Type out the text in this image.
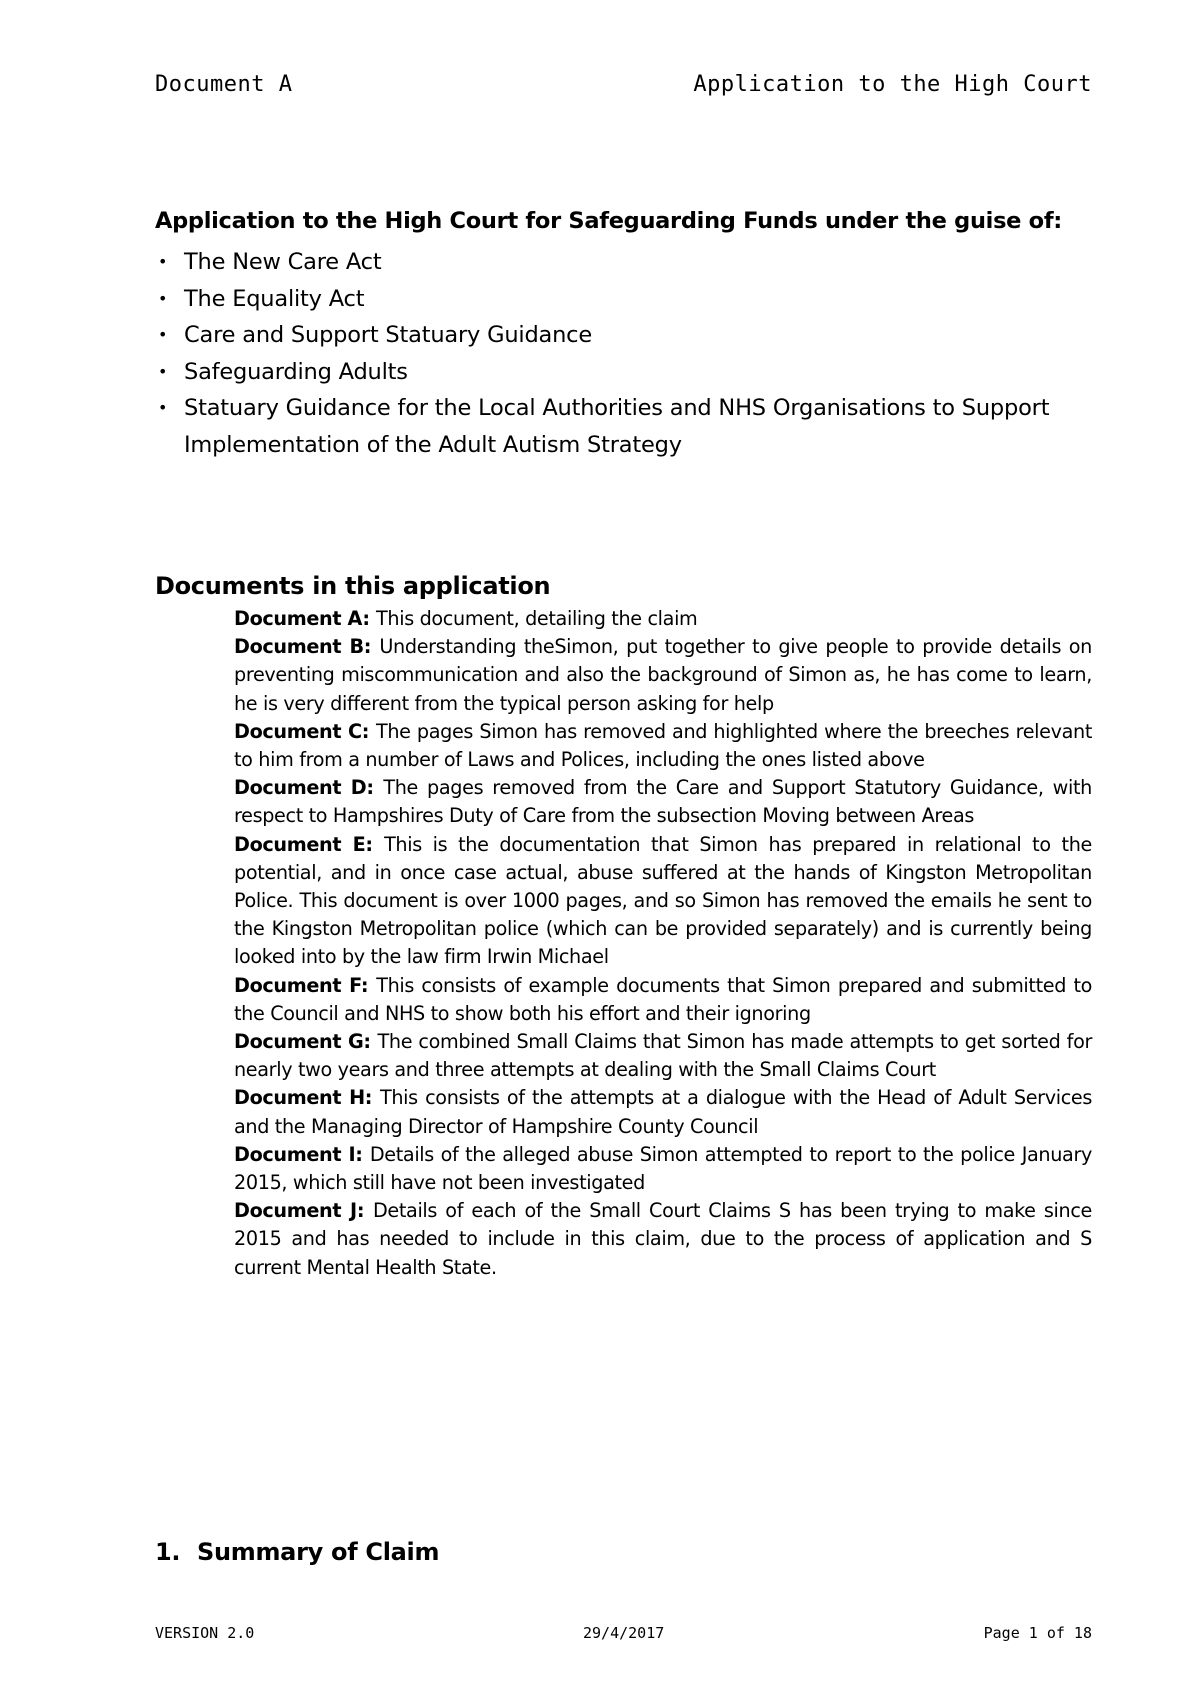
Document A	Application to the High Court
Application to the High Court for Safeguarding Funds under the guise of:
• The New Care Act
• The Equality Act
• Care and Support Statuary Guidance
• Safeguarding Adults
• Statuary Guidance for the Local Authorities and NHS Organisations to Support Implementation of the Adult Autism Strategy
Documents in this application

Document A: This document, detailing the claim

Document B: Understanding theSimon, put together to give people to provide details on preventing miscommunication and also the background of Simon as, he has come to learn, he is very different from the typical person asking for help

Document C: The pages Simon has removed and highlighted where the breeches relevant to him from a number of Laws and Polices, including the ones listed above

Document D: The pages removed from the Care and Support Statutory Guidance, with respect to Hampshires Duty of Care from the subsection Moving between Areas

Document E: This is the documentation that Simon has prepared in relational to the potential, and in once case actual, abuse suffered at the hands of Kingston Metropolitan Police. This document is over 1000 pages, and so Simon has removed the emails he sent to the Kingston Metropolitan police (which can be provided separately) and is currently being looked into by the law firm Irwin Michael

Document F: This consists of example documents that Simon prepared and submitted to the Council and NHS to show both his effort and their ignoring

Document G: The combined Small Claims that Simon has made attempts to get sorted for nearly two years and three attempts at dealing with the Small Claims Court

Document H: This consists of the attempts at a dialogue with the Head of Adult Services and the Managing Director of Hampshire County Council

Document I: Details of the alleged abuse Simon attempted to report to the police January 2015, which still have not been investigated

Document J: Details of each of the Small Court Claims S has been trying to make since 2015 and has needed to include in this claim, due to the process of application and S current Mental Health State.

1. Summary of Claim
VERSION 2.0	29/4/2017	Page 1 of 18
